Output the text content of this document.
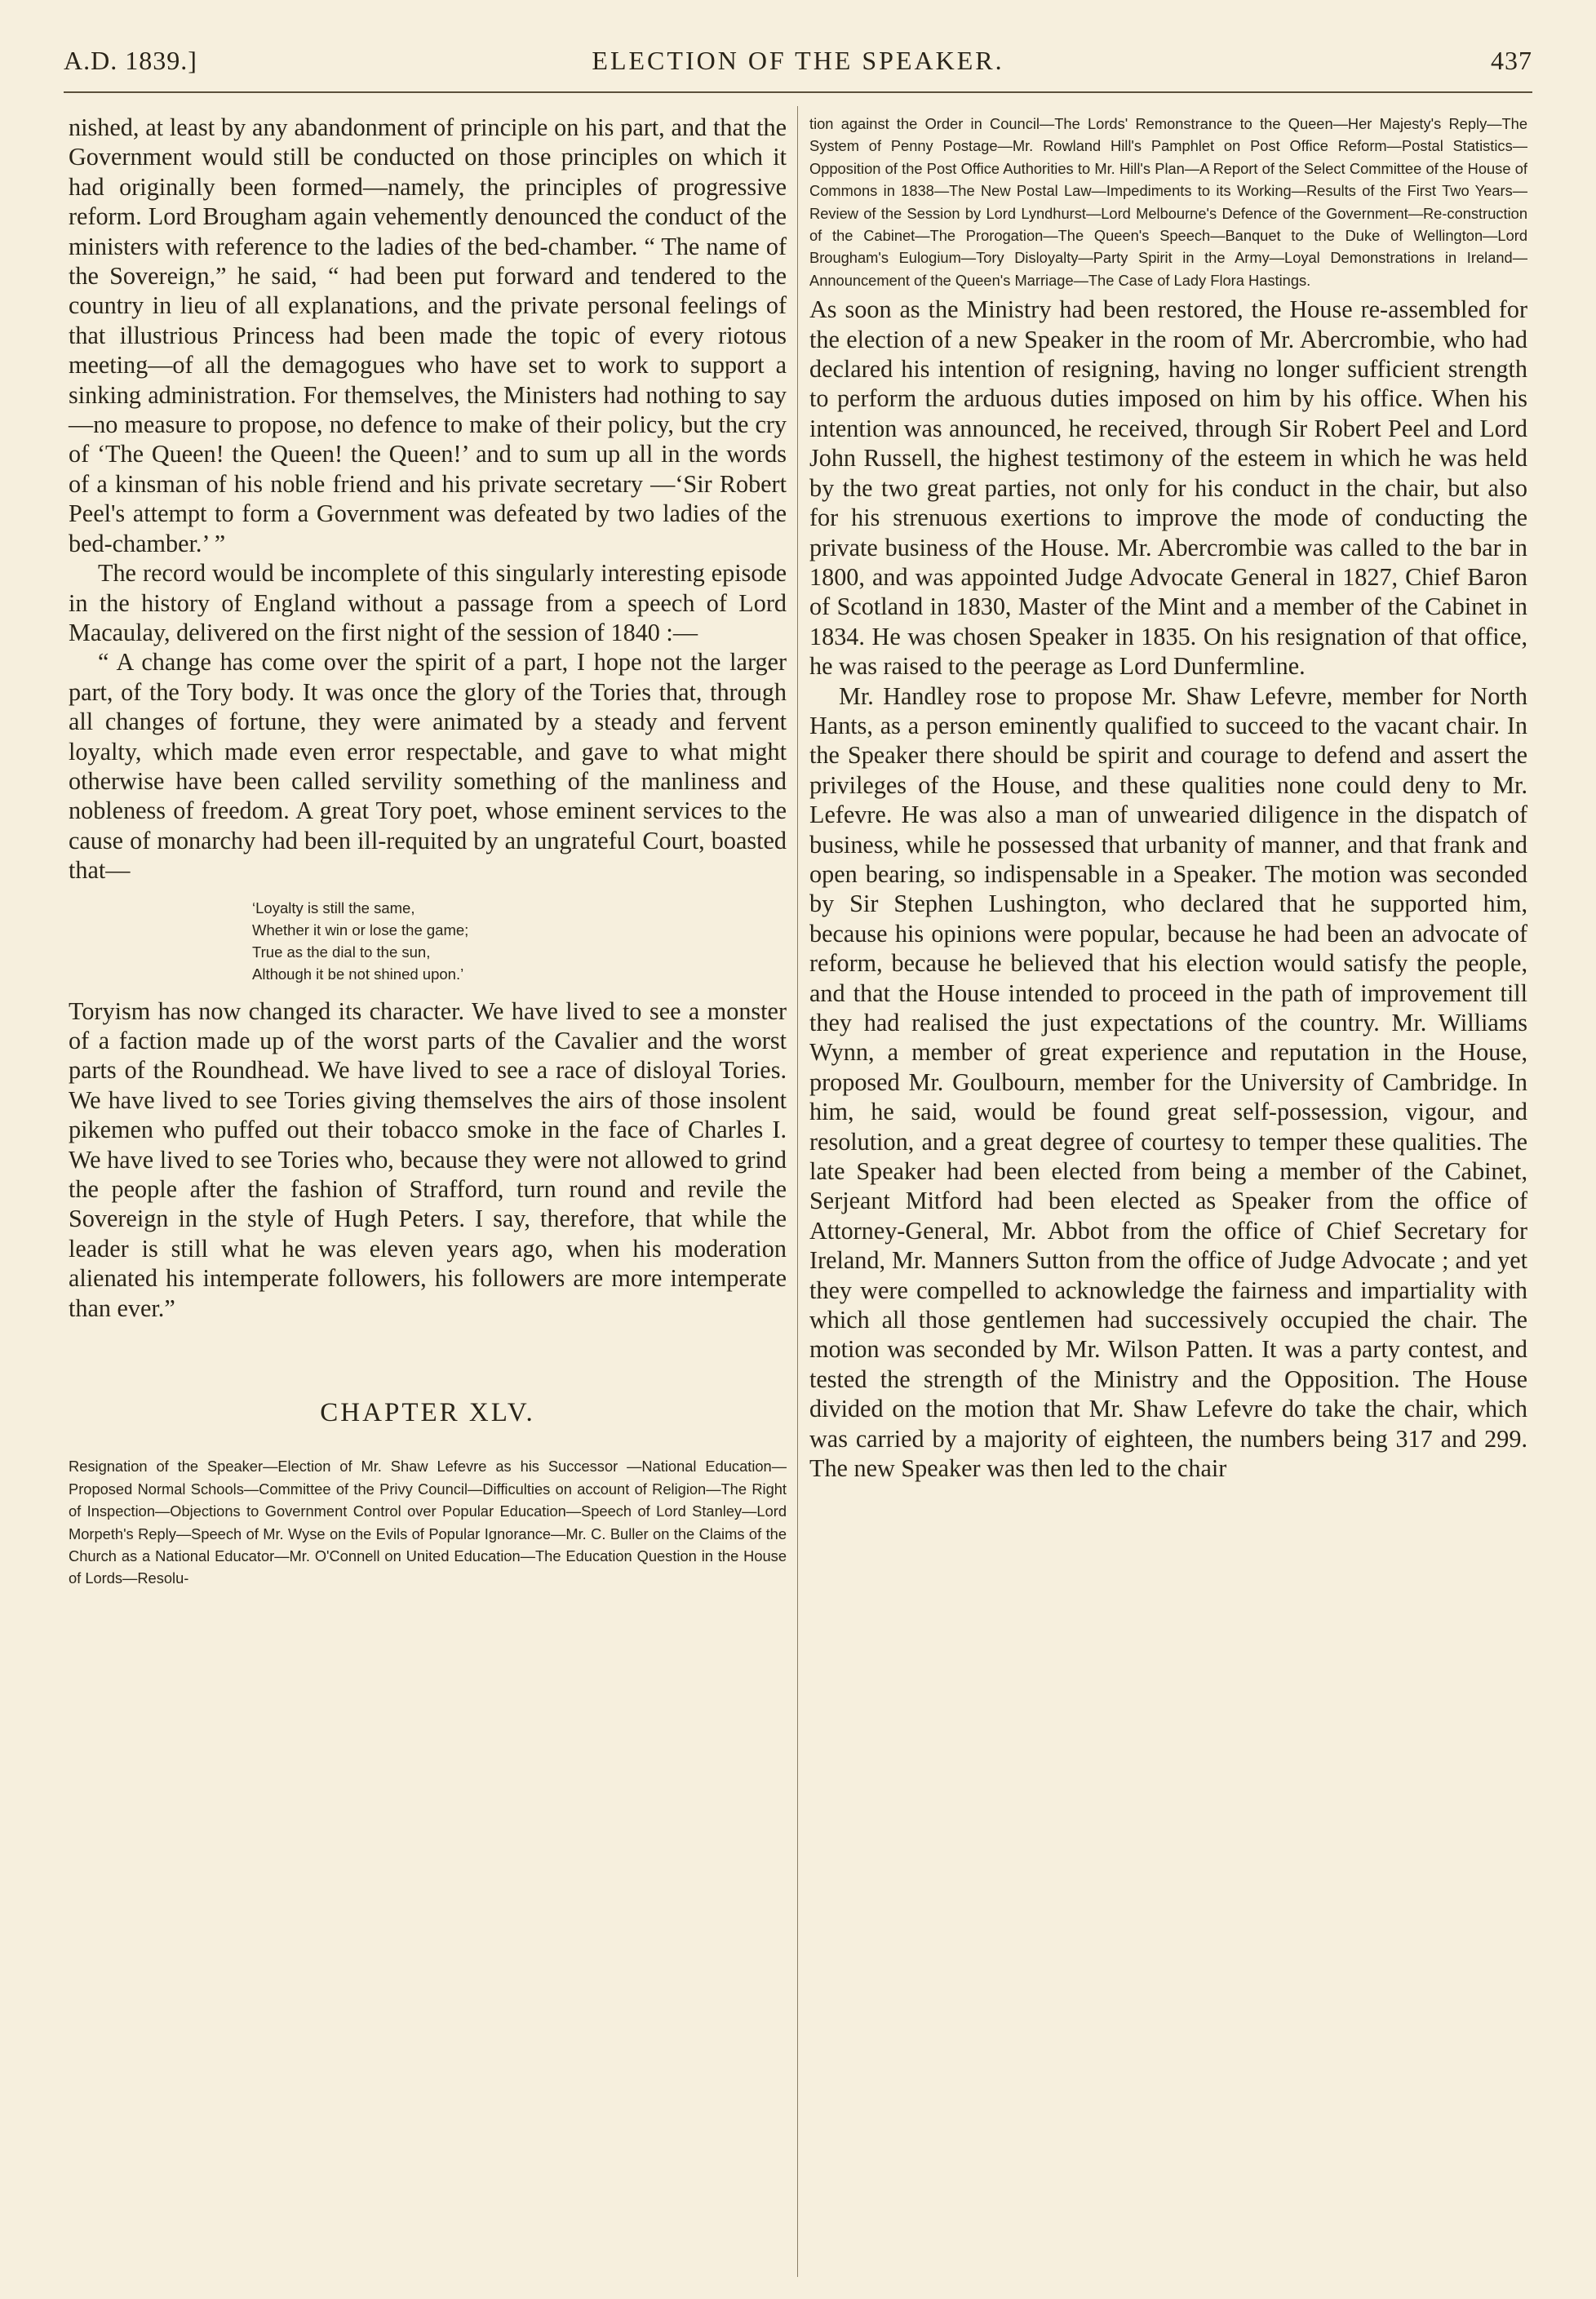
A.D. 1839.]	ELECTION OF THE SPEAKER.	437

nished, at least by any abandonment of principle on his part, and that the Government would still be conducted on those principles on which it had originally been formed—namely, the principles of progressive reform. Lord Brougham again vehemently denounced the conduct of the ministers with reference to the ladies of the bed-chamber. “ The name of the Sovereign,” he said, “ had been put forward and tendered to the country in lieu of all explanations, and the private personal feelings of that illustrious Princess had been made the topic of every riotous meeting—of all the demagogues who have set to work to support a sinking administration. For themselves, the Ministers had nothing to say—no measure to propose, no defence to make of their policy, but the cry of ‘The Queen! the Queen! the Queen!’ and to sum up all in the words of a kinsman of his noble friend and his private secretary —‘Sir Robert Peel's attempt to form a Government was defeated by two ladies of the bed-chamber.’ ”

The record would be incomplete of this singularly interesting episode in the history of England without a passage from a speech of Lord Macaulay, delivered on the first night of the session of 1840 :—

“ A change has come over the spirit of a part, I hope not the larger part, of the Tory body. It was once the glory of the Tories that, through all changes of fortune, they were animated by a steady and fervent loyalty, which made even error respectable, and gave to what might otherwise have been called servility something of the manliness and nobleness of freedom. A great Tory poet, whose eminent services to the cause of monarchy had been ill-requited by an ungrateful Court, boasted that—

‘Loyalty is still the same,
Whether it win or lose the game;
True as the dial to the sun,
Although it be not shined upon.’

Toryism has now changed its character. We have lived to see a monster of a faction made up of the worst parts of the Cavalier and the worst parts of the Roundhead. We have lived to see a race of disloyal Tories. We have lived to see Tories giving themselves the airs of those insolent pikemen who puffed out their tobacco smoke in the face of Charles I. We have lived to see Tories who, because they were not allowed to grind the people after the fashion of Strafford, turn round and revile the Sovereign in the style of Hugh Peters. I say, therefore, that while the leader is still what he was eleven years ago, when his moderation alienated his intemperate followers, his followers are more intemperate than ever.”

CHAPTER XLV.

Resignation of the Speaker—Election of Mr. Shaw Lefevre as his Successor —National Education—Proposed Normal Schools—Committee of the Privy Council—Difficulties on account of Religion—The Right of Inspection—Objections to Government Control over Popular Education—Speech of Lord Stanley—Lord Morpeth's Reply—Speech of Mr. Wyse on the Evils of Popular Ignorance—Mr. C. Buller on the Claims of the Church as a National Educator—Mr. O'Connell on United Education—The Education Question in the House of Lords—Resolu-

tion against the Order in Council—The Lords' Remonstrance to the Queen—Her Majesty's Reply—The System of Penny Postage—Mr. Rowland Hill's Pamphlet on Post Office Reform—Postal Statistics—Opposition of the Post Office Authorities to Mr. Hill's Plan—A Report of the Select Committee of the House of Commons in 1838—The New Postal Law—Impediments to its Working—Results of the First Two Years—Review of the Session by Lord Lyndhurst—Lord Melbourne's Defence of the Government—Re-construction of the Cabinet—The Prorogation—The Queen's Speech—Banquet to the Duke of Wellington—Lord Brougham's Eulogium—Tory Disloyalty—Party Spirit in the Army—Loyal Demonstrations in Ireland—Announcement of the Queen's Marriage—The Case of Lady Flora Hastings.

As soon as the Ministry had been restored, the House re-assembled for the election of a new Speaker in the room of Mr. Abercrombie, who had declared his intention of resigning, having no longer sufficient strength to perform the arduous duties imposed on him by his office. When his intention was announced, he received, through Sir Robert Peel and Lord John Russell, the highest testimony of the esteem in which he was held by the two great parties, not only for his conduct in the chair, but also for his strenuous exertions to improve the mode of conducting the private business of the House. Mr. Abercrombie was called to the bar in 1800, and was appointed Judge Advocate General in 1827, Chief Baron of Scotland in 1830, Master of the Mint and a member of the Cabinet in 1834. He was chosen Speaker in 1835. On his resignation of that office, he was raised to the peerage as Lord Dunfermline.

Mr. Handley rose to propose Mr. Shaw Lefevre, member for North Hants, as a person eminently qualified to succeed to the vacant chair. In the Speaker there should be spirit and courage to defend and assert the privileges of the House, and these qualities none could deny to Mr. Lefevre. He was also a man of unwearied diligence in the dispatch of business, while he possessed that urbanity of manner, and that frank and open bearing, so indispensable in a Speaker. The motion was seconded by Sir Stephen Lushington, who declared that he supported him, because his opinions were popular, because he had been an advocate of reform, because he believed that his election would satisfy the people, and that the House intended to proceed in the path of improvement till they had realised the just expectations of the country. Mr. Williams Wynn, a member of great experience and reputation in the House, proposed Mr. Goulbourn, member for the University of Cambridge. In him, he said, would be found great self-possession, vigour, and resolution, and a great degree of courtesy to temper these qualities. The late Speaker had been elected from being a member of the Cabinet, Serjeant Mitford had been elected as Speaker from the office of Attorney-General, Mr. Abbot from the office of Chief Secretary for Ireland, Mr. Manners Sutton from the office of Judge Advocate ; and yet they were compelled to acknowledge the fairness and impartiality with which all those gentlemen had successively occupied the chair. The motion was seconded by Mr. Wilson Patten. It was a party contest, and tested the strength of the Ministry and the Opposition. The House divided on the motion that Mr. Shaw Lefevre do take the chair, which was carried by a majority of eighteen, the numbers being 317 and 299. The new Speaker was then led to the chair
